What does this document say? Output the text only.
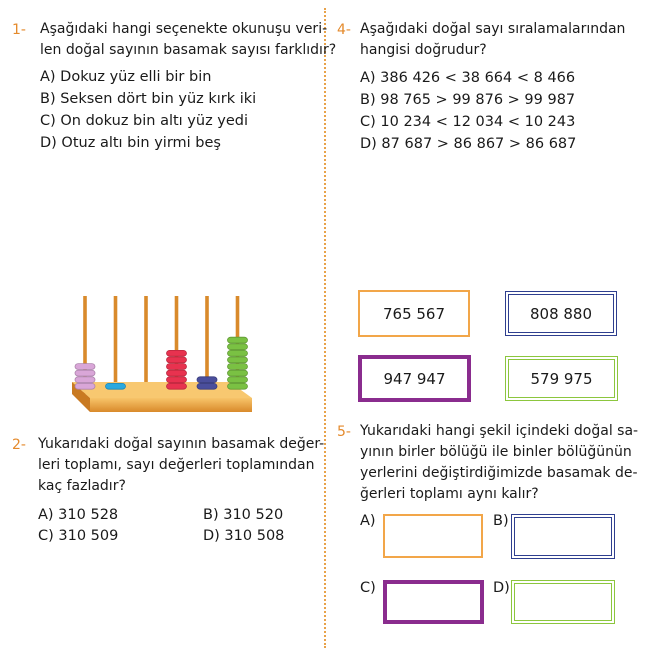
1- Aşağıdaki hangi seçenekte okunuşu veri-
len doğal sayının basamak sayısı farklıdır?
A) Dokuz yüz elli bir bin
B) Seksen dört bin yüz kırk iki
C) On dokuz bin altı yüz yedi
D) Otuz altı bin yirmi beş
2- Yukarıdaki doğal sayının basamak değer-
leri toplamı, sayı değerleri toplamından
kaç fazladır?
A) 310 528	B) 310 520
C) 310 509	D) 310 508
4- Aşağıdaki doğal sayı sıralamalarından
hangisi doğrudur?
A) 386 426 < 38 664 < 8 466
B) 98 765 > 99 876 > 99 987
C) 10 234 < 12 034 < 10 243
D) 87 687 > 86 867 > 86 687
765 567	808 880
947 947	579 975
5- Yukarıdaki hangi şekil içindeki doğal sa-
yının birler bölüğü ile binler bölüğünün
yerlerini değiştirdiğimizde basamak de-
ğerleri toplamı aynı kalır?
A)	B)
C)	D)
